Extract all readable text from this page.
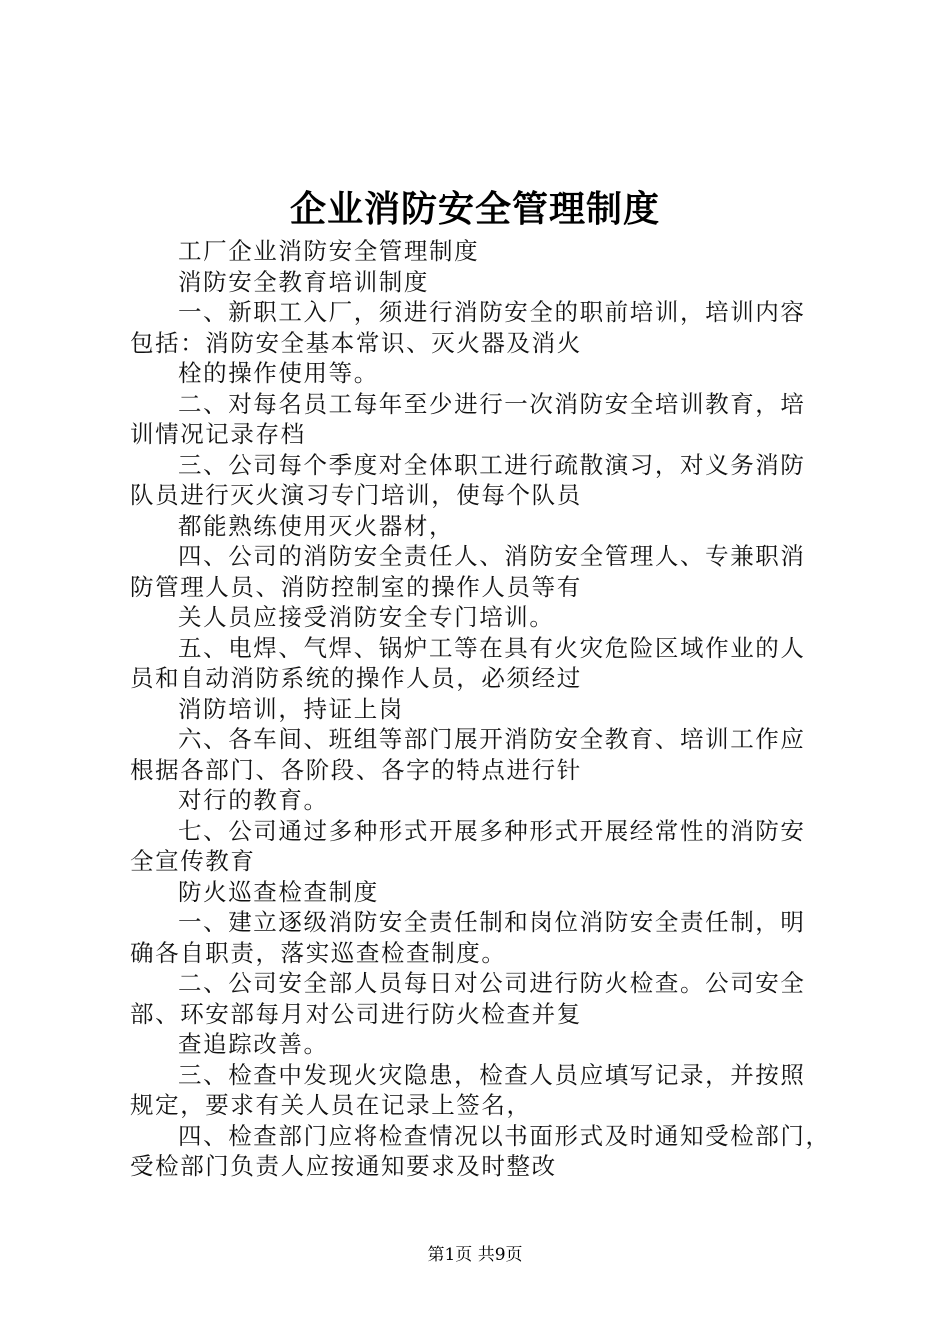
企业消防安全管理制度

工厂企业消防安全管理制度

消防安全教育培训制度

一、新职工入厂，须进行消防安全的职前培训，培训内容

包括：消防安全基本常识、灭火器及消火

栓的操作使用等。

二、对每名员工每年至少进行一次消防安全培训教育，培

训情况记录存档

三、公司每个季度对全体职工进行疏散演习，对义务消防

队员进行灭火演习专门培训，使每个队员

都能熟练使用灭火器材，

四、公司的消防安全责任人、消防安全管理人、专兼职消

防管理人员、消防控制室的操作人员等有

关人员应接受消防安全专门培训。

五、电焊、气焊、锅炉工等在具有火灾危险区域作业的人

员和自动消防系统的操作人员，必须经过

消防培训，持证上岗

六、各车间、班组等部门展开消防安全教育、培训工作应

根据各部门、各阶段、各字的特点进行针

对行的教育。

七、公司通过多种形式开展多种形式开展经常性的消防安

全宣传教育

防火巡查检查制度

一、建立逐级消防安全责任制和岗位消防安全责任制，明

确各自职责，落实巡查检查制度。

二、公司安全部人员每日对公司进行防火检查。公司安全

部、环安部每月对公司进行防火检查并复

查追踪改善。

三、检查中发现火灾隐患，检查人员应填写记录，并按照

规定，要求有关人员在记录上签名，

四、检查部门应将检查情况以书面形式及时通知受检部门，

受检部门负责人应按通知要求及时整改

第1页 共9页
